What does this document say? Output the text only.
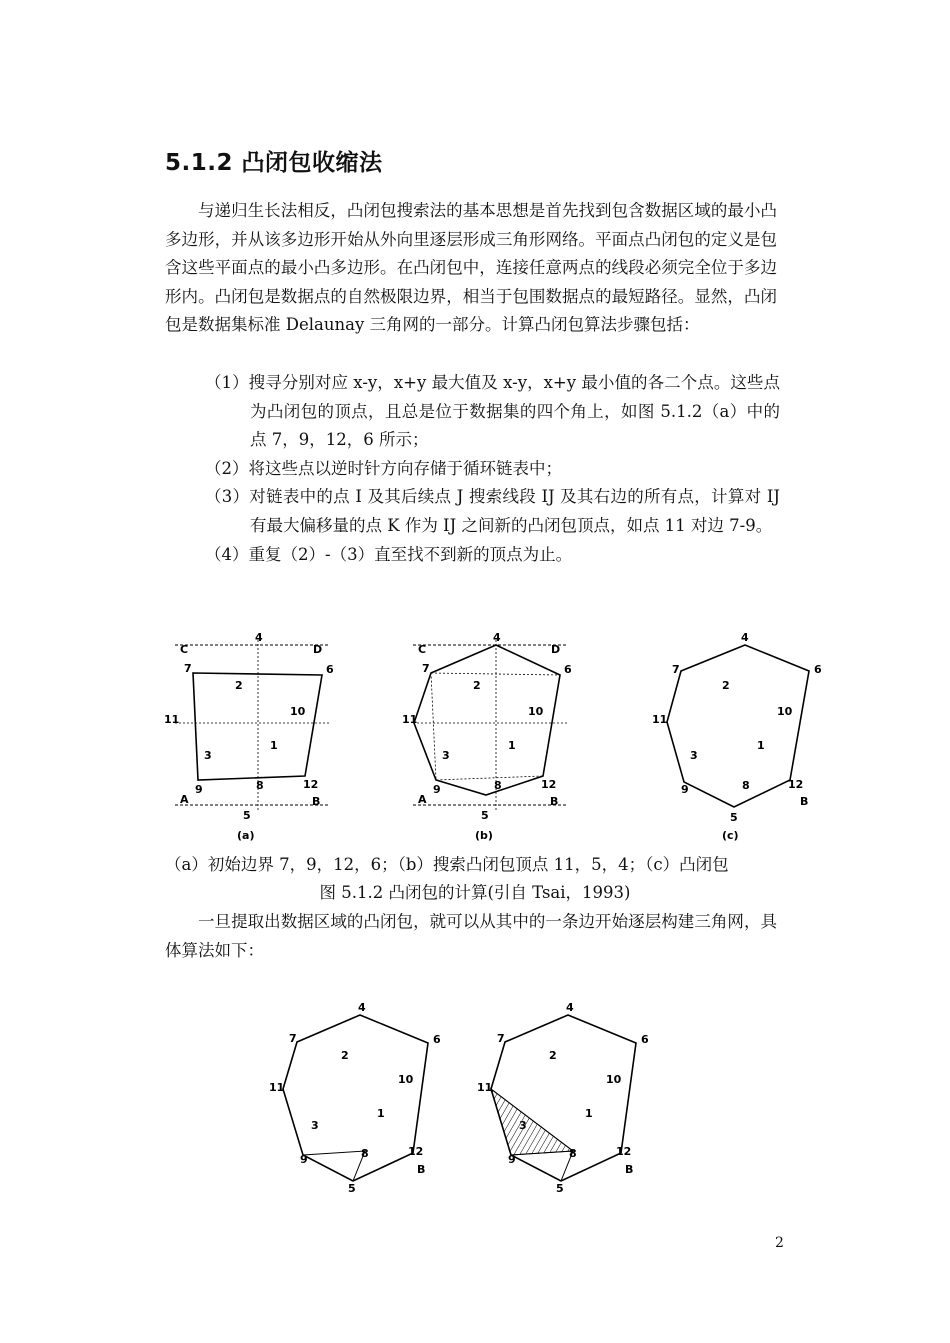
5.1.2 凸闭包收缩法

与递归生长法相反，凸闭包搜索法的基本思想是首先找到包含数据区域的最小凸多边形，并从该多边形开始从外向里逐层形成三角形网络。平面点凸闭包的定义是包含这些平面点的最小凸多边形。在凸闭包中，连接任意两点的线段必须完全位于多边形内。凸闭包是数据点的自然极限边界，相当于包围数据点的最短路径。显然，凸闭包是数据集标准 Delaunay 三角网的一部分。计算凸闭包算法步骤包括：

（1）搜寻分别对应 x-y，x+y 最大值及 x-y，x+y 最小值的各二个点。这些点为凸闭包的顶点，且总是位于数据集的四个角上，如图 5.1.2（a）中的点 7，9，12，6 所示；
（2）将这些点以逆时针方向存储于循环链表中；
（3）对链表中的点 I 及其后续点 J 搜索线段 IJ 及其右边的所有点，计算对 IJ 有最大偏移量的点 K 作为 IJ 之间新的凸闭包顶点，如点 11 对边 7-9。
（4）重复（2）-（3）直至找不到新的顶点为止。
C	D
A	B
4
7	6
2
10
11
1
3
9	8	12
5
(a)
C	D
A	B
4
7	6
2
10
11
1
3
9	8	12
5
(b)
4
7	6
2
10
11
1
3
9	8	12
5
B
(c)
（a）初始边界 7，9，12，6；（b）搜索凸闭包顶点 11，5，4；（c）凸闭包
图 5.1.2 凸闭包的计算(引自 Tsai，1993)

一旦提取出数据区域的凸闭包，就可以从其中的一条边开始逐层构建三角网，具体算法如下：

4
7	6
2
10
11
1
3
9	8	12
5
B
4
7	6
2
10
11
1
3
9	8	12
5
B
2
